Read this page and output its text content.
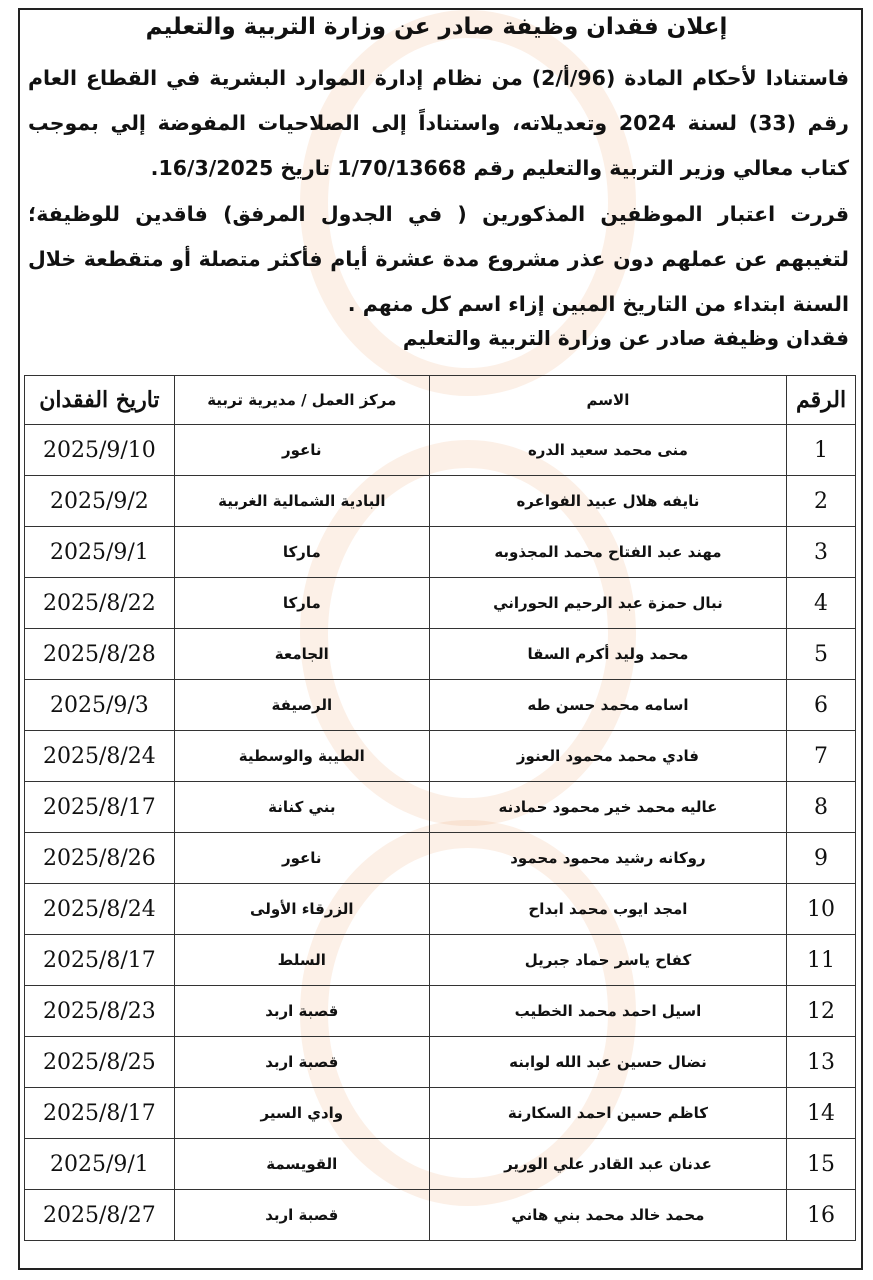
إعلان فقدان وظيفة صادر عن وزارة التربية والتعليم
فاستنادا لأحكام المادة (96/أ/2) من نظام إدارة الموارد البشرية في القطاع العام رقم (33) لسنة 2024 وتعديلاته، واستناداً إلى الصلاحيات المفوضة إلي بموجب كتاب معالي وزير التربية والتعليم رقم 1/70/13668 تاريخ 16/3/2025.
قررت اعتبار الموظفين المذكورين ( في الجدول المرفق) فاقدين للوظيفة؛ لتغيبهم عن عملهم دون عذر مشروع مدة عشرة أيام فأكثر متصلة أو متقطعة خلال السنة ابتداء من التاريخ المبين إزاء اسم كل منهم .
فقدان وظيفة صادر عن وزارة التربية والتعليم
الرقم	الاسم	مركز العمل / مديرية تربية	تاريخ الفقدان
1	منى محمد سعيد الدره	ناعور	2025/9/10
2	نايفه هلال عبيد الفواعره	البادية الشمالية الغربية	2025/9/2
3	مهند عبد الفتاح محمد المجذوبه	ماركا	2025/9/1
4	نبال حمزة عبد الرحيم الحوراني	ماركا	2025/8/22
5	محمد وليد أكرم السقا	الجامعة	2025/8/28
6	اسامه محمد حسن طه	الرصيفة	2025/9/3
7	فادي محمد محمود العنوز	الطيبة والوسطية	2025/8/24
8	عاليه محمد خير محمود حمادنه	بني كنانة	2025/8/17
9	روكانه رشيد محمود محمود	ناعور	2025/8/26
10	امجد ايوب محمد ابداح	الزرقاء الأولى	2025/8/24
11	كفاح ياسر حماد جبريل	السلط	2025/8/17
12	اسيل احمد محمد الخطيب	قصبة اربد	2025/8/23
13	نضال حسين عبد الله لوابنه	قصبة اربد	2025/8/25
14	كاظم حسين احمد السكارنة	وادي السير	2025/8/17
15	عدنان عبد القادر علي الورير	القويسمة	2025/9/1
16	محمد خالد محمد بني هاني	قصبة اربد	2025/8/27
